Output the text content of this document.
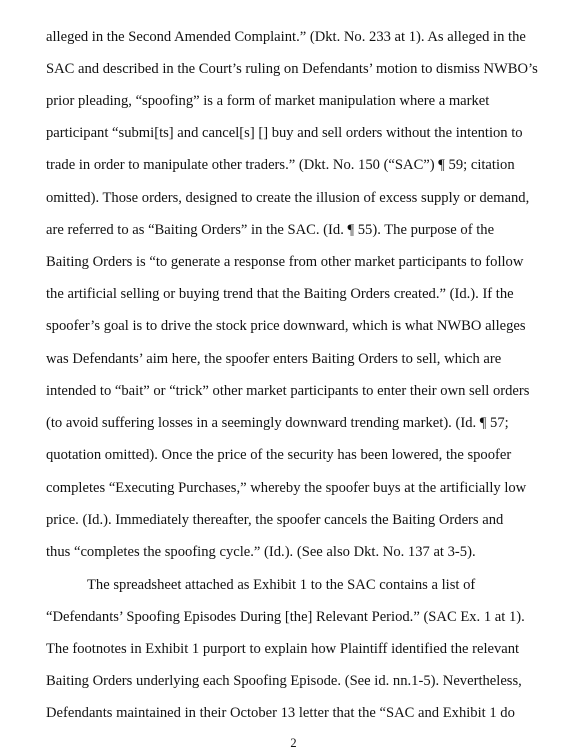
alleged in the Second Amended Complaint.” (Dkt. No. 233 at 1). As alleged in the
SAC and described in the Court’s ruling on Defendants’ motion to dismiss NWBO’s
prior pleading, “spoofing” is a form of market manipulation where a market
participant “submi[ts] and cancel[s] [] buy and sell orders without the intention to
trade in order to manipulate other traders.” (Dkt. No. 150 (“SAC”) ¶ 59; citation
omitted). Those orders, designed to create the illusion of excess supply or demand,
are referred to as “Baiting Orders” in the SAC. (Id. ¶ 55). The purpose of the
Baiting Orders is “to generate a response from other market participants to follow
the artificial selling or buying trend that the Baiting Orders created.” (Id.). If the
spoofer’s goal is to drive the stock price downward, which is what NWBO alleges
was Defendants’ aim here, the spoofer enters Baiting Orders to sell, which are
intended to “bait” or “trick” other market participants to enter their own sell orders
(to avoid suffering losses in a seemingly downward trending market). (Id. ¶ 57;
quotation omitted). Once the price of the security has been lowered, the spoofer
completes “Executing Purchases,” whereby the spoofer buys at the artificially low
price. (Id.). Immediately thereafter, the spoofer cancels the Baiting Orders and
thus “completes the spoofing cycle.” (Id.). (See also Dkt. No. 137 at 3-5).
The spreadsheet attached as Exhibit 1 to the SAC contains a list of
“Defendants’ Spoofing Episodes During [the] Relevant Period.” (SAC Ex. 1 at 1).
The footnotes in Exhibit 1 purport to explain how Plaintiff identified the relevant
Baiting Orders underlying each Spoofing Episode. (See id. nn.1-5). Nevertheless,
Defendants maintained in their October 13 letter that the “SAC and Exhibit 1 do
2
